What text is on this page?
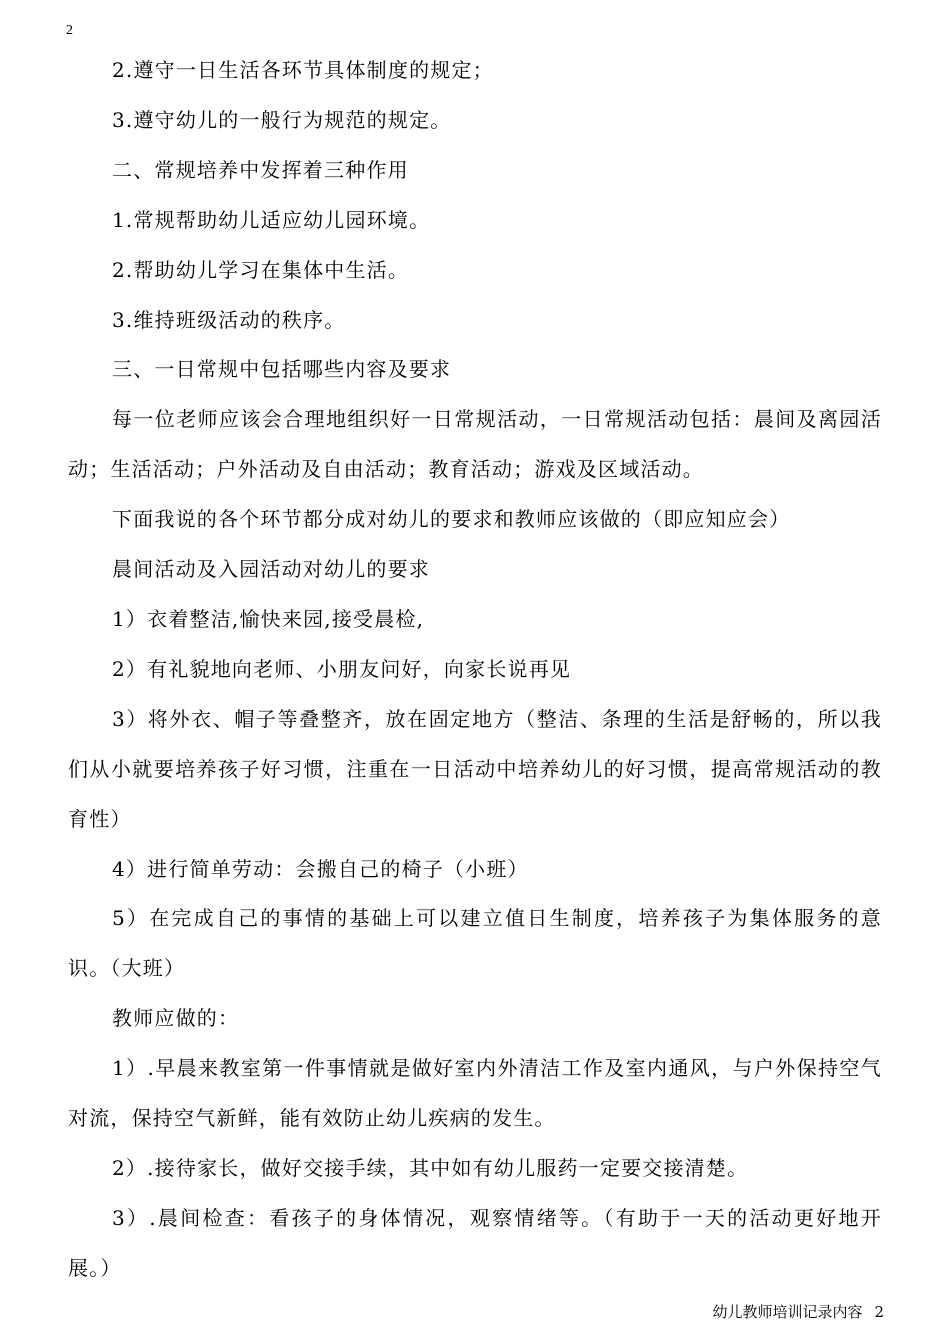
2

2.遵守一日生活各环节具体制度的规定；

3.遵守幼儿的一般行为规范的规定。

二、常规培养中发挥着三种作用

1.常规帮助幼儿适应幼儿园环境。

2.帮助幼儿学习在集体中生活。

3.维持班级活动的秩序。

三、一日常规中包括哪些内容及要求

每一位老师应该会合理地组织好一日常规活动，一日常规活动包括：晨间及离园活动；生活活动；户外活动及自由活动；教育活动；游戏及区域活动。

下面我说的各个环节都分成对幼儿的要求和教师应该做的（即应知应会）

晨间活动及入园活动对幼儿的要求

1）衣着整洁,愉快来园,接受晨检,

2）有礼貌地向老师、小朋友问好，向家长说再见

3）将外衣、帽子等叠整齐，放在固定地方（整洁、条理的生活是舒畅的，所以我们从小就要培养孩子好习惯，注重在一日活动中培养幼儿的好习惯，提高常规活动的教育性）

4）进行简单劳动：会搬自己的椅子（小班）

5）在完成自己的事情的基础上可以建立值日生制度，培养孩子为集体服务的意识。（大班）

教师应做的：

1）.早晨来教室第一件事情就是做好室内外清洁工作及室内通风，与户外保持空气对流，保持空气新鲜，能有效防止幼儿疾病的发生。

2）.接待家长，做好交接手续，其中如有幼儿服药一定要交接清楚。

3）.晨间检查：看孩子的身体情况，观察情绪等。（有助于一天的活动更好地开展。）

幼儿教师培训记录内容 2
